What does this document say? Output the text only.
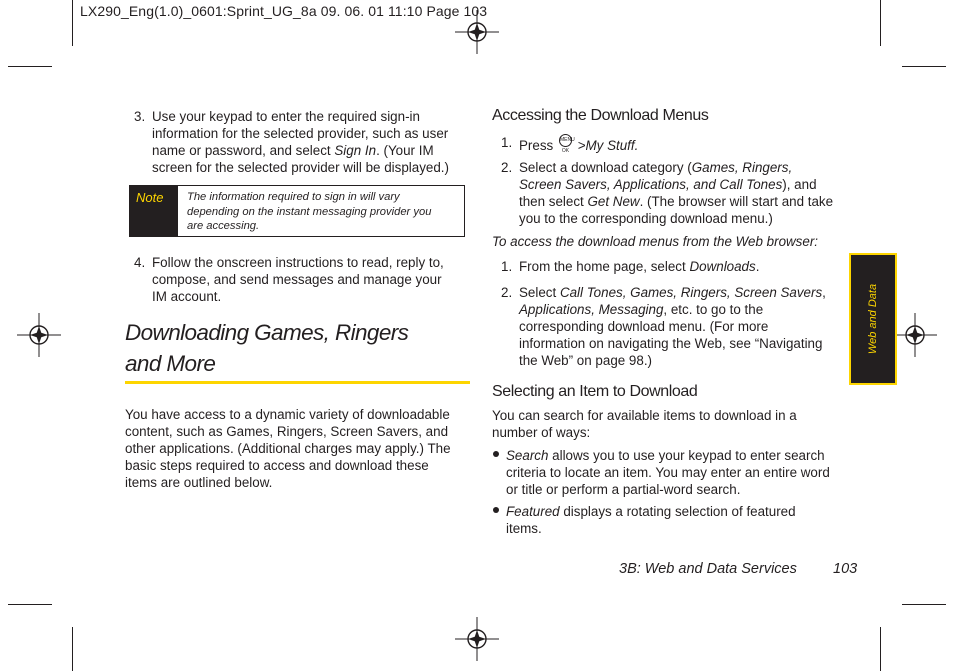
LX290_Eng(1.0)_0601:Sprint_UG_8a 09. 06. 01 11:10 Page 103
3. Use your keypad to enter the required sign-in
information for the selected provider, such as user
name or password, and select Sign In. (Your IM
screen for the selected provider will be displayed.)
Note	The information required to sign in will vary
depending on the instant messaging provider you
are accessing.
4. Follow the onscreen instructions to read, reply to,
compose, and send messages and manage your
IM account.
Downloading Games, Ringers
and More
You have access to a dynamic variety of downloadable
content, such as Games, Ringers, Screen Savers, and
other applications. (Additional charges may apply.) The
basic steps required to access and download these
items are outlined below.
Accessing the Download Menus
1. Press MENU OK >My Stuff.
2. Select a download category (Games, Ringers,
Screen Savers, Applications, and Call Tones), and
then select Get New. (The browser will start and take
you to the corresponding download menu.)
To access the download menus from the Web browser:
1. From the home page, select Downloads.
2. Select Call Tones, Games, Ringers, Screen Savers,
Applications, Messaging, etc. to go to the
corresponding download menu. (For more
information on navigating the Web, see “Navigating
the Web” on page 98.)
Selecting an Item to Download
You can search for available items to download in a
number of ways:
Search allows you to use your keypad to enter search
criteria to locate an item. You may enter an entire word
or title or perform a partial-word search.
Featured displays a rotating selection of featured
items.
Web and Data
3B: Web and Data Services 103
